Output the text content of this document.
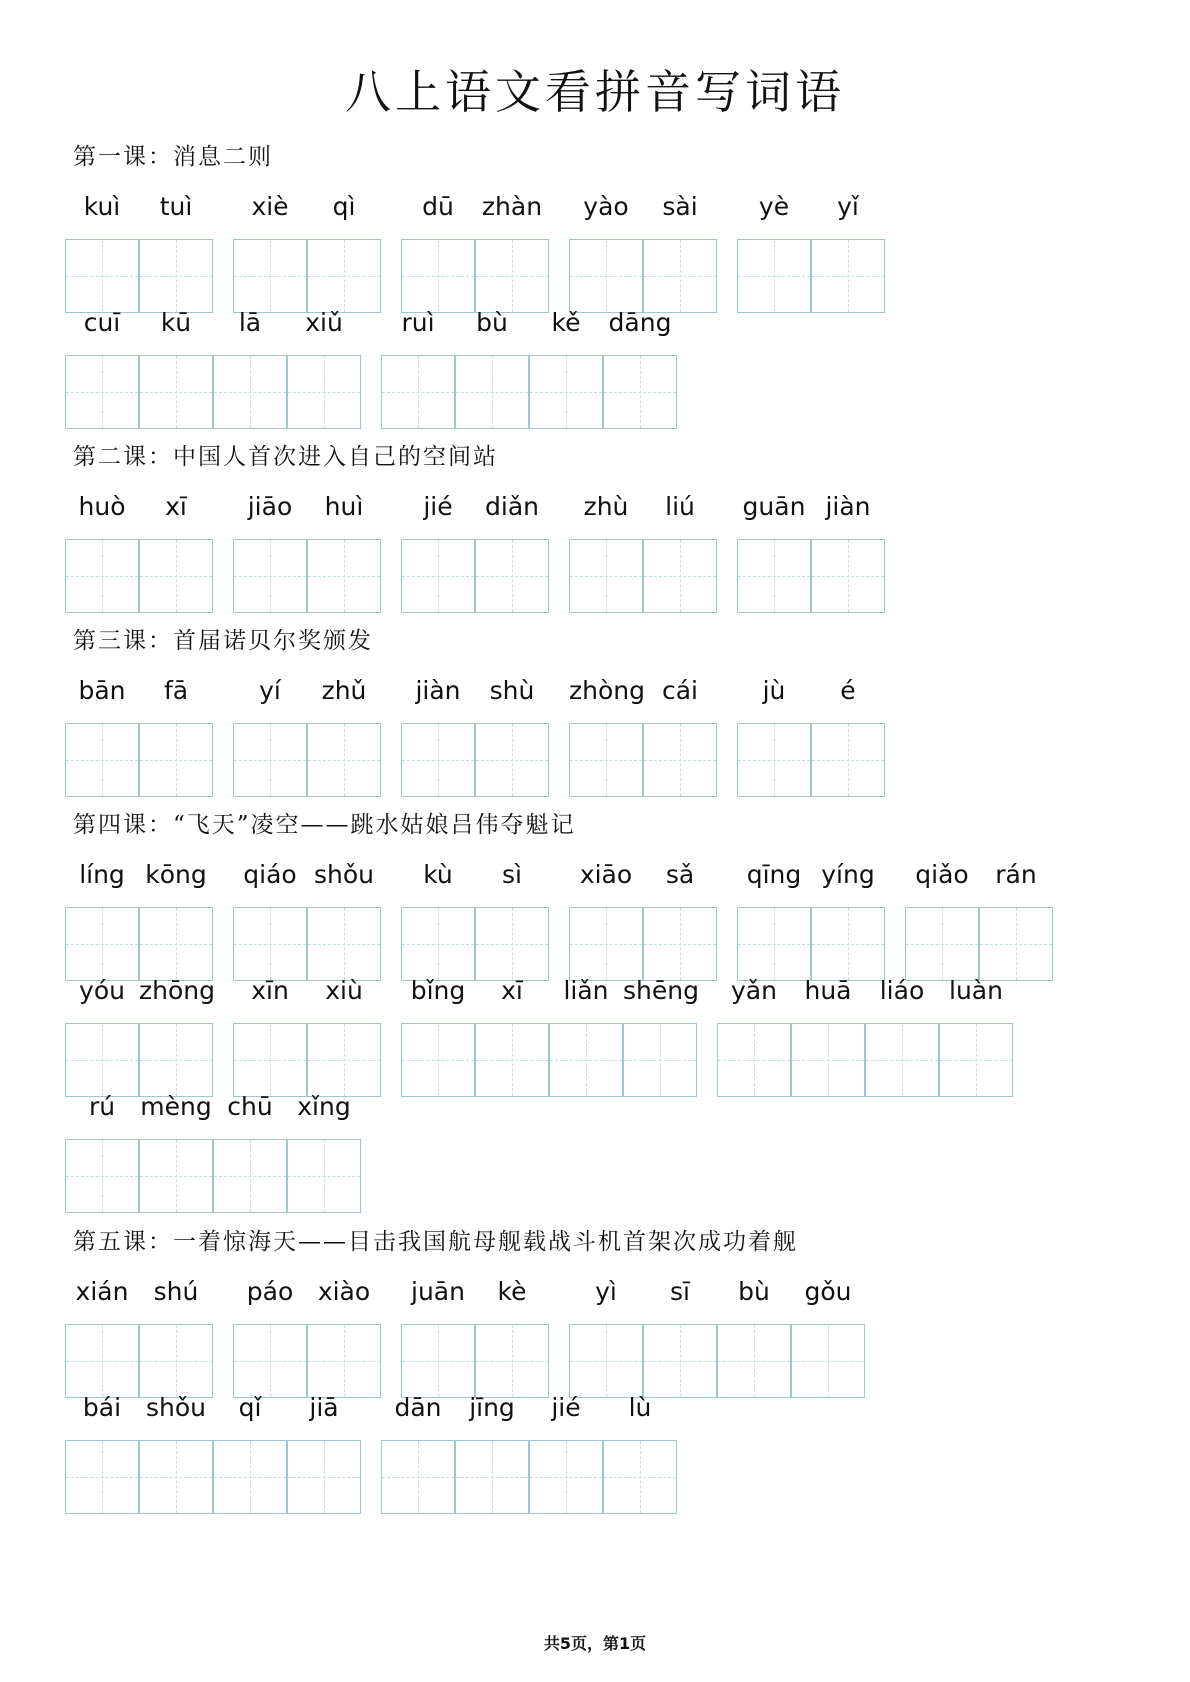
八上语文看拼音写词语
第一课：消息二则
kuì	tuì	xiè	qì	dū	zhàn	yào	sài	yè	yǐ
cuī	kū	lā	xiǔ	ruì	bù	kě	dāng
第二课：中国人首次进入自己的空间站
huò	xī	jiāo	huì	jié	diǎn	zhù	liú	guān jiàn
第三课：首届诺贝尔奖颁发
bān	fā	yí	zhǔ	jiàn	shù	zhòng cái	jù	é
第四课：“飞天”凌空——跳水姑娘吕伟夺魁记
líng kōng	qiáo shǒu	kù	sì	xiāo	sǎ	qīng yíng	qiǎo	rán
yóu zhōng	xīn	xiù	bǐng	xī	liǎn shēng	yǎn	huā	liáo luàn
rú	mèng chū xǐng
第五课：一着惊海天——目击我国航母舰载战斗机首架次成功着舰
xián	shú	páo xiào	juān	kè	yì	sī	bù	gǒu
bái shǒu	qǐ	jiā	dān	jīng	jié	lù
共5页，第1页
